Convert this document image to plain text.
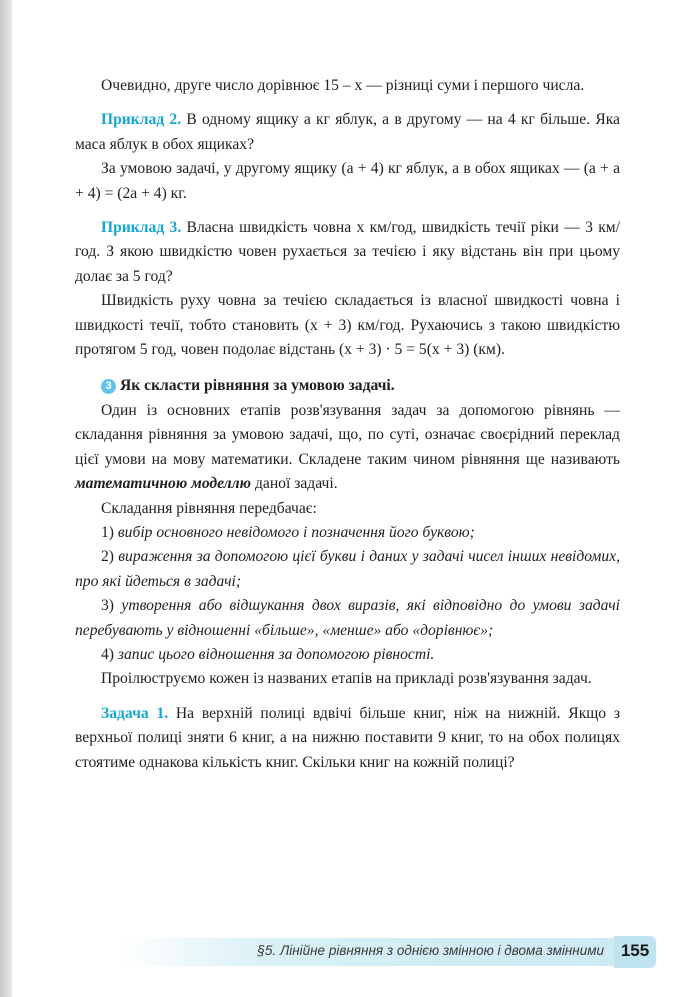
Очевидно, друге число дорівнює 15 – x — різниці суми і першого числа.

Приклад 2. В одному ящику a кг яблук, а в другому — на 4 кг більше. Яка маса яблук в обох ящиках?

За умовою задачі, у другому ящику (a + 4) кг яблук, а в обох ящиках — (a + a + 4) = (2a + 4) кг.

Приклад 3. Власна швидкість човна x км/год, швидкість течії ріки — 3 км/год. З якою швидкістю човен рухається за течією і яку відстань він при цьому долає за 5 год?

Швидкість руху човна за течією складається із власної швидкості човна і швидкості течії, тобто становить (x + 3) км/год. Рухаючись з такою швидкістю протягом 5 год, човен подолає відстань (x + 3) · 5 = 5(x + 3) (км).

3 Як скласти рівняння за умовою задачі.

Один із основних етапів розв'язування задач за допомогою рівнянь — складання рівняння за умовою задачі, що, по суті, означає своєрідний переклад цієї умови на мову математики. Складене таким чином рівняння ще називають математичною моделлю даної задачі.

Складання рівняння передбачає:

1) вибір основного невідомого і позначення його буквою;

2) вираження за допомогою цієї букви і даних у задачі чисел інших невідомих, про які йдеться в задачі;

3) утворення або відшукання двох виразів, які відповідно до умови задачі перебувають у відношенні «більше», «менше» або «дорівнює»;

4) запис цього відношення за допомогою рівності.

Проілюструємо кожен із названих етапів на прикладі розв'язування задач.

Задача 1. На верхній полиці вдвічі більше книг, ніж на нижній. Якщо з верхньої полиці зняти 6 книг, а на нижню поставити 9 книг, то на обох полицях стоятиме однакова кількість книг. Скільки книг на кожній полиці?

§5. Лінійне рівняння з однією змінною і двома змінними 155
